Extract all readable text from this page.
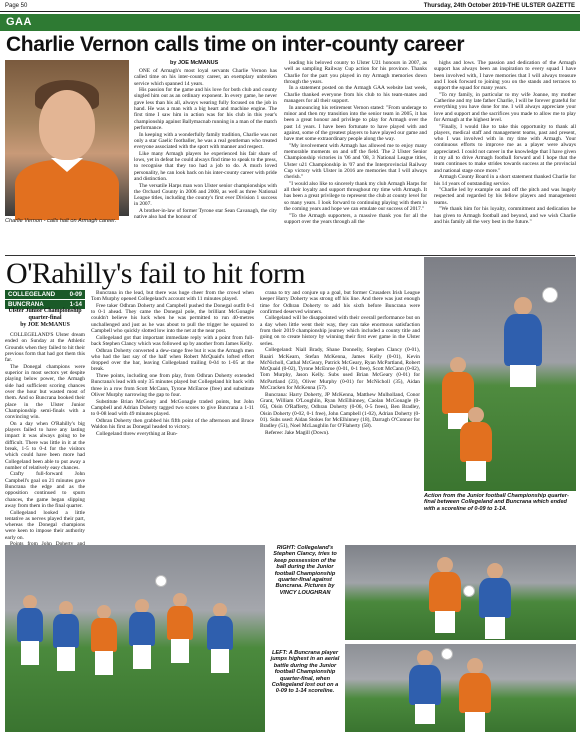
Page 50	Thursday, 24th October 2019-THE ULSTER GAZETTE
GAA
Charlie Vernon calls time on inter-county career
Charlie Vernon - calls halt on Armagh career.
by JOE McMANUS

ONE of Armagh's most loyal servants Charlie Vernon has called time on his inter-county career, an exemplary unbroken service which spanned 14 years.

His passion for the game and his love for both club and county singled him out as an ordinary exponent. In every game, he never gave less than his all, always wearing fully focused on the job in hand. He was a man with a big heart and machine engine. The first time I saw him in action was for his club in this year's championship against Ballymacnab running in a man of the match performance.

In keeping with a wonderfully family tradition, Charlie was not only a star Gaelic footballer, he was a real gentleman who treated everyone associated with the sport with manner and respect.

Like many Armagh players he experienced his fair share of lows, yet in defeat he could always find time to speak to the press, to recognise that they too had a job to do. A much loved personality, he can look back on his inter-county career with pride and distinction.

The versatile Harps man won Ulster senior championships with the Orchard County in 2006 and 2008, as well as three National League titles, including the county's first ever Division 1 success in 2007.

A brother-in-law of former Tyrone star Sean Cavanagh, the city native also had the honour of

leading his beloved county to Ulster U21 honours in 2007, as well as sampling Railway Cup action for his province. Thanks Charlie for the part you played in my Armagh memories down through the years.

In a statement posted on the Armagh GAA website last week, Charlie thanked everyone from his club to his team-mates and managers for all their support.

In announcing his retirement Vernon stated: "From underage to minor and then my transition into the senior team in 2005, it has been a great honour and privilege to play for Armagh over the past 14 years. I have been fortunate to have played with and against, some of the greatest players to have played our game and have met some extraordinary people along the way.

"My involvement with Armagh has allowed me to enjoy many memorable moments on and off the field. The 2 Ulster Senior Championship victories in '06 and '08, 3 National League titles, Ulster u21 Championship in '07 and the Interprovincial Railway Cup victory with Ulster in 2016 are memories that I will always cherish."

"I would also like to sincerely thank my club Armagh Harps for all their loyalty and support throughout my time with Armagh. It has been a great privilege to represent the club at county level for so many years. I look forward to continuing playing with them in the coming years and hope we can emulate our success of 2017."

"To the Armagh supporters, a massive thank you for all the support over the years through all the

highs and lows. The passion and dedication of the Armagh support has always been an inspiration to every squad I have been involved with, I have memories that I will always treasure and I look forward to joining you on the stands and terraces to support the squad for many years.

"To my family, in particular to my wife Joanne, my mother Catherine and my late father Charlie, I will be forever grateful for everything you have done for me. I will always appreciate your love and support and the sacrifices you made to allow me to play for Armagh at the highest level.

"Finally, I would like to take this opportunity to thank all players, medical staff and management teams, past and present, who I was involved with in my time with Armagh. Your continuous efforts to improve me as a player were always appreciated. I could not career in the knowledge that I have given it my all to drive Armagh football forward and I hope that the team continues to make strides towards success at the provincial and national stage once more."

Armagh County Board in a short statement thanked Charlie for his 14 years of outstanding service.

"Charlie led by example on and off the pitch and was hugely respected and regarded by his fellow players and management teams.

"We thank him for his loyalty, commitment and dedication he has given to Armagh football and beyond, and we wish Charlie and his family all the very best in the future."

O'Rahilly's fail to hit form
COLLEGELAND 0-09
BUNCRANA	1-14
Ulster Junior Championship quarter-final
by JOE McMANUS

COLLEGELAND'S Ulster dream ended on Sunday at the Athletic Grounds when they failed to hit their previous form that had got them this far.

The Donegal champions were superior in most sectors yet despite playing below power, the Armagh side had sufficient scoring chances over the hour but wasted most of them. And so Buncrana booked their place in the Ulster Junior Championship semi-finals with a convincing win.

On a day when O'Rahilly's big players failed to have any lasting impact it was always going to be difficult. There was little in it at the break, 1-5 to 0-4 for the visitors which could have been more had Collegeland been able to put away a number of relatively easy chances.

Crafty full-forward John Campbell's goal on 21 minutes gave Buncrana the edge and as the opposition continued to spurn chances, the game began slipping away from them in the final quarter.

Collegeland looked a little tentative as nerves played their part, whereas the Donegal champions were keen to impose their authority early on.

Buncrana in the lead, but there was huge cheer from the crowd when Tom Murphy opened Collegeland's account with 11 minutes played.

Free taker Odhran Doherty and Campbell pushed the Donegal outfit 0-4 to 0-1 ahead. They came the Donegal pole, the brilliant McGonagle couldn't believe his luck when he was permitted to run 40-metres unchallenged and just as he was about to pull the trigger he squared to Campbell who quickly slotted low into the net at the near post.

Collegeland got that important immediate reply with a point from full-back Stephen Clancy which was followed up by another from James Kelly.

Odhran Doherty converted a dew-range free but it was the Armagh men who had the last say of the half when Robert McQuaid's lofted effort dropped over the bar, leaving Collegeland trailing 0-04 to 1-05 at the break.

Three points, including one from play, from Odhran Doherty extended Buncrana's lead with only 35 minutes played but Collegeland hit back with three in a row from Scott McCann, Tyrone McEnroe (free) and substitute Oliver Murphy narrowing the gap to four.

Substitute Brian McGeary and McGonagle traded points, but John Campbell and Adrian Doherty tagged two scores to give Buncrana a 1-11 to 0-08 lead with 49 minutes played.

Odhran Doherty then grabbed his fifth point of the afternoon and Bruce Waldon his first as Donegal headed to victory.

Collegeland threw everything at Bun-

crana to try and conjure up a goal, but former Crusaders Irish League keeper Harry Doherty was strong off his line. And there was just enough time for Odhran Doherty to add his sixth before Buncrana were confirmed deserved winners.

Collegeland will be disappointed with their overall performance but on a day when little went their way, they can take enormous satisfaction from their 2019 championship journey which included a county title and going on to create history by winning their first ever game in the Ulster series.

Collegeland: Niall Brady, Shane Donnelly, Stephen Clancy (0-01), Ruairi McKearn, Stefan McKenna, James Kelly (0-01), Kevin McNicholl, Cathal McGeary, Patrick McGeary, Ryan McPartland, Robert McQuaid (0-02), Tyrone McEnroe (0-01, 0-1 free), Scott McCann (0-02), Tom Murphy, Jason Kelly. Subs used Brian McGeary (0-01) for McPartland (23), Oliver Murphy (0-01) for McNicholl (35), Aidan McCracken for McKenna (57).

Buncrana: Harry Doherty, JP McKenna, Matthew Mulholland, Conor Grant, William O'Loughlin, Ryan McElhinney, Caolan McGonagle (0-05), Oisin O'Rafferty, Odhran Doherty (0-06, 0-5 frees), Ben Bradley, Oisin Doherty (0-02, 0-1 free), John Campbell (1-02), Adrian Doherty (0-01). Subs used: Aidan Stokes for McElhinney (18), Darragh O'Connor for Bradley (51), Noel McLaughlin for O'Flaherty (58).

Referee: Jake Magill (Down).

Action from the Junior football Championship quarter-final between Collegeland and Buncrana which ended with a scoreline of 0-09 to 1-14.
RIGHT: Collegeland's Stephen Clancy, tries to keep possession of the ball during the Junior football Championship quarter-final against Buncrana. Pictures by VINCY LOUGHRAN
LEFT: A Buncrana player jumps highest in an aerial battle during the Junior football Championship quarter-final, when Collegeland lost out on a 0-09 to 1-14 scoreline.
